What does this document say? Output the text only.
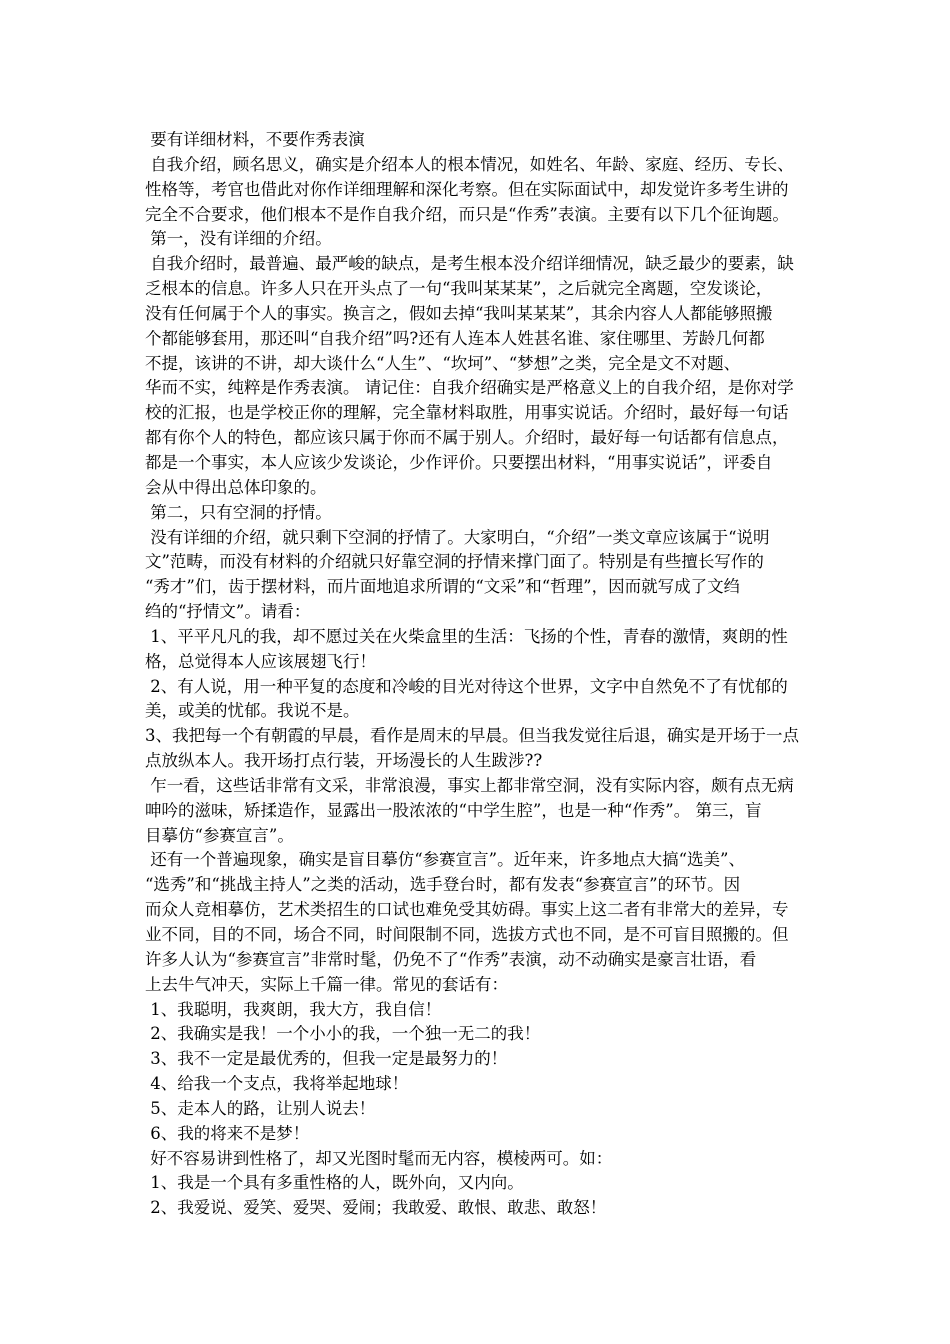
要有详细材料，不要作秀表演
自我介绍，顾名思义，确实是介绍本人的根本情况，如姓名、年龄、家庭、经历、专长、
性格等，考官也借此对你作详细理解和深化考察。但在实际面试中，却发觉许多考生讲的
完全不合要求，他们根本不是作自我介绍，而只是“作秀”表演。主要有以下几个征询题。
第一，没有详细的介绍。
自我介绍时，最普遍、最严峻的缺点，是考生根本没介绍详细情况，缺乏最少的要素，缺
乏根本的信息。许多人只在开头点了一句“我叫某某某”，之后就完全离题，空发谈论，
没有任何属于个人的事实。换言之，假如去掉“我叫某某某”，其余内容人人都能够照搬
个都能够套用，那还叫“自我介绍”吗?还有人连本人姓甚名谁、家住哪里、芳龄几何都
不提，该讲的不讲，却大谈什么“人生”、“坎坷”、“梦想”之类，完全是文不对题、
华而不实，纯粹是作秀表演。 请记住：自我介绍确实是严格意义上的自我介绍，是你对学
校的汇报，也是学校正你的理解，完全靠材料取胜，用事实说话。介绍时，最好每一句话
都有你个人的特色，都应该只属于你而不属于别人。介绍时，最好每一句话都有信息点，
都是一个事实，本人应该少发谈论，少作评价。只要摆出材料，“用事实说话”，评委自
会从中得出总体印象的。
第二，只有空洞的抒情。
没有详细的介绍，就只剩下空洞的抒情了。大家明白，“介绍”一类文章应该属于“说明
文”范畴，而没有材料的介绍就只好靠空洞的抒情来撑门面了。特别是有些擅长写作的
“秀才”们，齿于摆材料，而片面地追求所谓的“文采”和“哲理”，因而就写成了文绉
绉的“抒情文”。请看：
1、平平凡凡的我，却不愿过关在火柴盒里的生活：飞扬的个性，青春的激情，爽朗的性
格，总觉得本人应该展翅飞行！
2、有人说，用一种平复的态度和冷峻的目光对待这个世界，文字中自然免不了有忧郁的
美，或美的忧郁。我说不是。
3、我把每一个有朝霞的早晨，看作是周末的早晨。但当我发觉往后退，确实是开场于一点
点放纵本人。我开场打点行装，开场漫长的人生跋涉??
乍一看，这些话非常有文采，非常浪漫，事实上都非常空洞，没有实际内容，颇有点无病
呻吟的滋味，矫揉造作，显露出一股浓浓的“中学生腔”，也是一种“作秀”。 第三，盲
目摹仿“参赛宣言”。
还有一个普遍现象，确实是盲目摹仿“参赛宣言”。近年来，许多地点大搞“选美”、
“选秀”和“挑战主持人”之类的活动，选手登台时，都有发表“参赛宣言”的环节。因
而众人竞相摹仿，艺术类招生的口试也难免受其妨碍。事实上这二者有非常大的差异，专
业不同，目的不同，场合不同，时间限制不同，选拔方式也不同，是不可盲目照搬的。但
许多人认为“参赛宣言”非常时髦，仍免不了“作秀”表演，动不动确实是豪言壮语，看
上去牛气冲天，实际上千篇一律。常见的套话有：
1、我聪明，我爽朗，我大方，我自信！
2、我确实是我！一个小小的我，一个独一无二的我！
3、我不一定是最优秀的，但我一定是最努力的！
4、给我一个支点，我将举起地球！
5、走本人的路，让别人说去！
6、我的将来不是梦！
好不容易讲到性格了，却又光图时髦而无内容，模棱两可。如：
1、我是一个具有多重性格的人，既外向，又内向。
2、我爱说、爱笑、爱哭、爱闹；我敢爱、敢恨、敢悲、敢怒！
